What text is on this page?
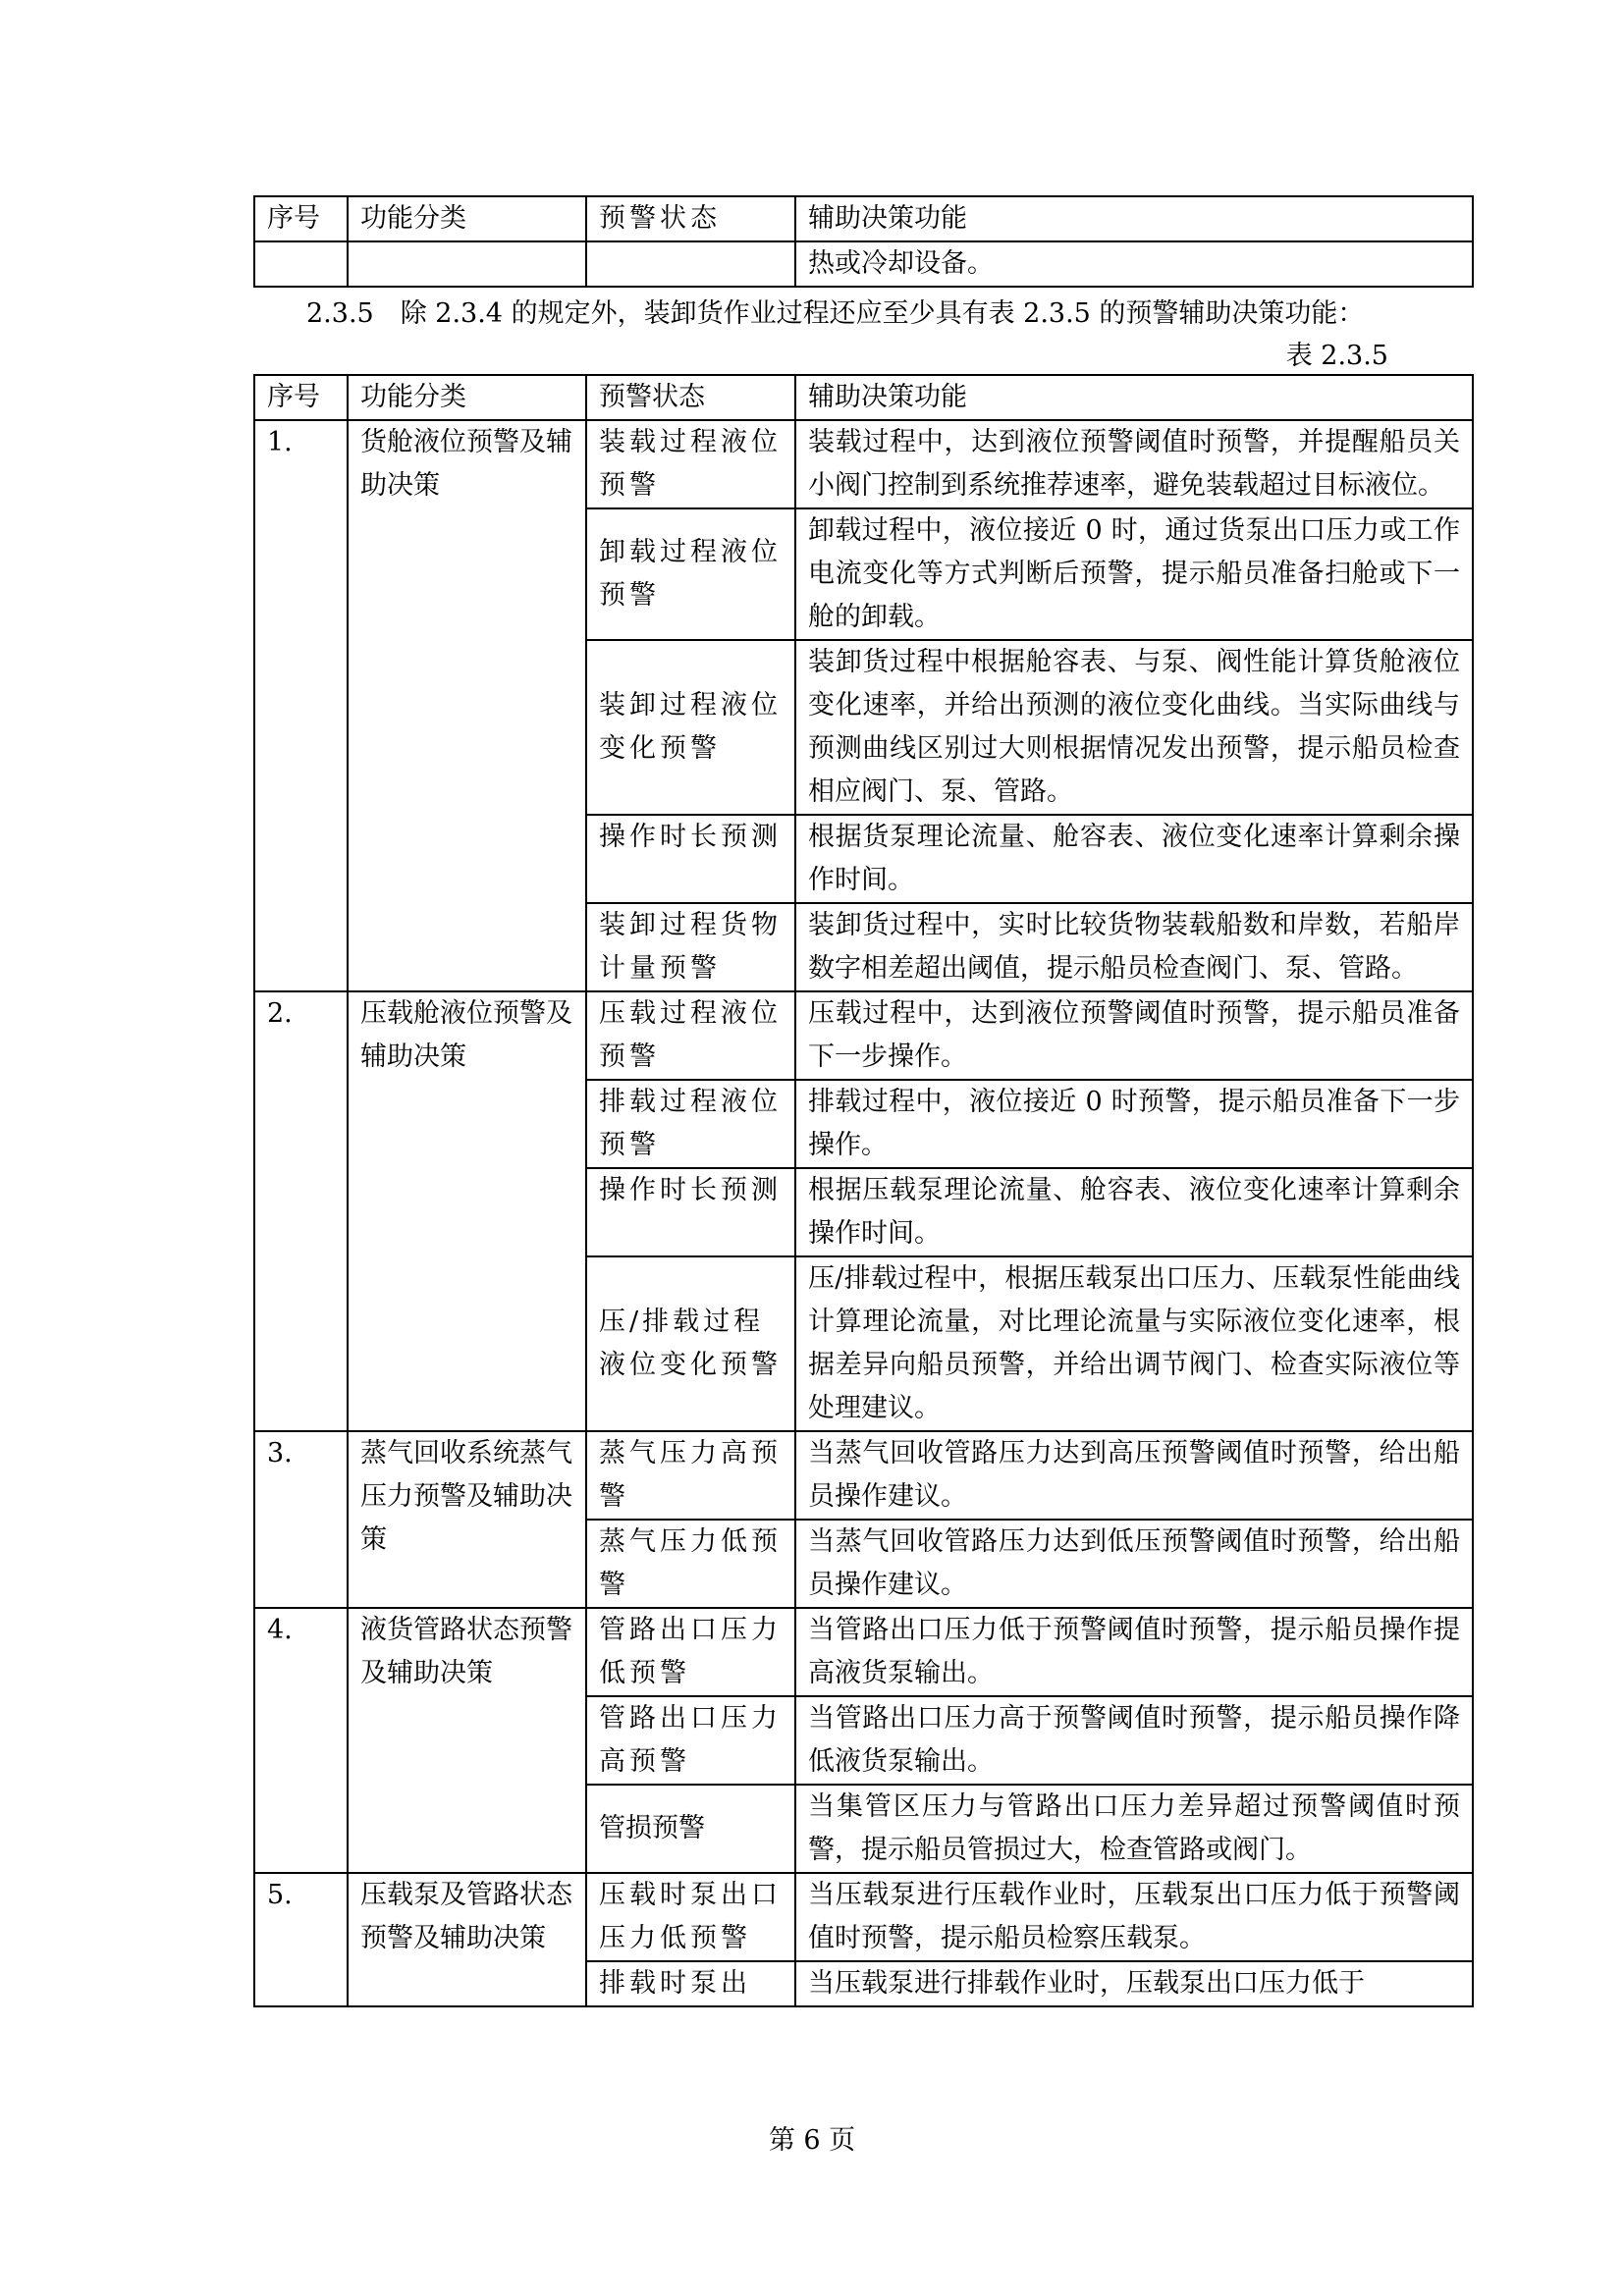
序号	功能分类	预警状态	辅助决策功能
			热或冷却设备。
2.3.5　除 2.3.4 的规定外，装卸货作业过程还应至少具有表 2.3.5 的预警辅助决策功能：
表 2.3.5
序号	功能分类	预警状态	辅助决策功能
1.	货舱液位预警及辅助决策	装载过程液位预警	装载过程中，达到液位预警阈值时预警，并提醒船员关小阀门控制到系统推荐速率，避免装载超过目标液位。
		卸载过程液位预警	卸载过程中，液位接近 0 时，通过货泵出口压力或工作电流变化等方式判断后预警，提示船员准备扫舱或下一舱的卸载。
		装卸过程液位变化预警	装卸货过程中根据舱容表、与泵、阀性能计算货舱液位变化速率，并给出预测的液位变化曲线。当实际曲线与预测曲线区别过大则根据情况发出预警，提示船员检查相应阀门、泵、管路。
		操作时长预测	根据货泵理论流量、舱容表、液位变化速率计算剩余操作时间。
		装卸过程货物计量预警	装卸货过程中，实时比较货物装载船数和岸数，若船岸数字相差超出阈值，提示船员检查阀门、泵、管路。
2.	压载舱液位预警及辅助决策	压载过程液位预警	压载过程中，达到液位预警阈值时预警，提示船员准备下一步操作。
		排载过程液位预警	排载过程中，液位接近 0 时预警，提示船员准备下一步操作。
		操作时长预测	根据压载泵理论流量、舱容表、液位变化速率计算剩余操作时间。
		压/排载过程液位变化预警	压/排载过程中，根据压载泵出口压力、压载泵性能曲线计算理论流量，对比理论流量与实际液位变化速率，根据差异向船员预警，并给出调节阀门、检查实际液位等处理建议。
3.	蒸气回收系统蒸气压力预警及辅助决策	蒸气压力高预警	当蒸气回收管路压力达到高压预警阈值时预警，给出船员操作建议。
		蒸气压力低预警	当蒸气回收管路压力达到低压预警阈值时预警，给出船员操作建议。
4.	液货管路状态预警及辅助决策	管路出口压力低预警	当管路出口压力低于预警阈值时预警，提示船员操作提高液货泵输出。
		管路出口压力高预警	当管路出口压力高于预警阈值时预警，提示船员操作降低液货泵输出。
		管损预警	当集管区压力与管路出口压力差异超过预警阈值时预警，提示船员管损过大，检查管路或阀门。
5.	压载泵及管路状态预警及辅助决策	压载时泵出口压力低预警	当压载泵进行压载作业时，压载泵出口压力低于预警阈值时预警，提示船员检察压载泵。
		排载时泵出	当压载泵进行排载作业时，压载泵出口压力低于
第 6 页
